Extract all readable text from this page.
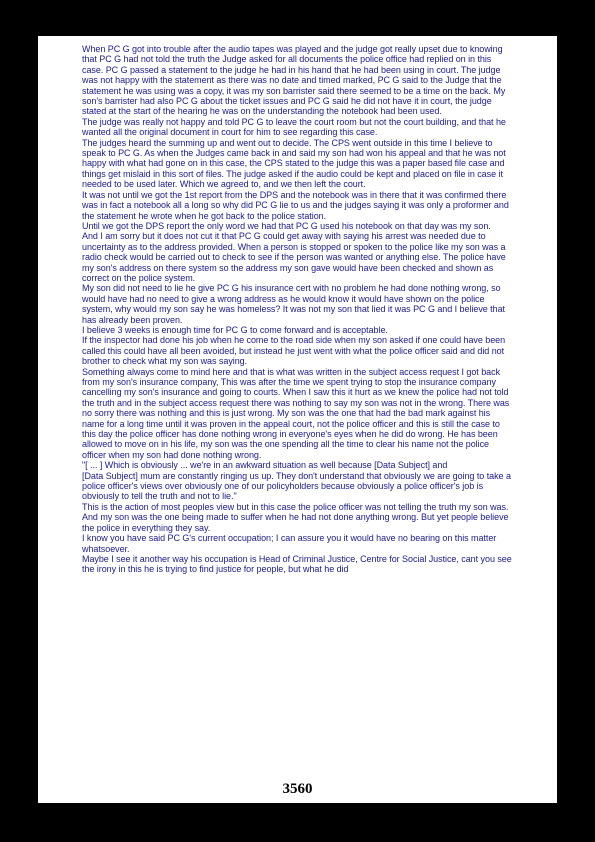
When PC G got into trouble after the audio tapes was played and the judge got really upset due to knowing that PC G had not told the truth the Judge asked for all documents the police office had replied on in this case. PC G passed a statement to the judge he had in his hand that he had been using in court. The judge was not happy with the statement as there was no date and timed marked, PC G said to the Judge that the statement he was using was a copy, it was my son barrister said there seemed to be a time on the back. My son's barrister had also PC G about the ticket issues and PC G said he did not have it in court, the judge stated at the start of the hearing he was on the understanding the notebook had been used.

The judge was really not happy and told PC G to leave the court room but not the court building, and that he wanted all the original document in court for him to see regarding this case.

The judges heard the summing up and went out to decide. The CPS went outside in this time I believe to speak to PC G. As when the Judges came back in and said my son had won his appeal and that he was not happy with what had gone on in this case, the CPS stated to the judge this was a paper based file case and things get mislaid in this sort of files. The judge asked if the audio could be kept and placed on file in case it needed to be used later. Which we agreed to, and we then left the court.

It was not until we got the 1st report from the DPS and the notebook was in there that it was confirmed there was in fact a notebook all a long so why did PC G lie to us and the judges saying it was only a proformer and the statement he wrote when he got back to the police station.

Until we got the DPS report the only word we had that PC G used his notebook on that day was my son.

And I am sorry but it does not cut it that PC G could get away with saying his arrest was needed due to uncertainty as to the address provided. When a person is stopped or spoken to the police like my son was a radio check would be carried out to check to see if the person was wanted or anything else. The police have my son's address on there system so the address my son gave would have been checked and shown as correct on the police system.

My son did not need to lie he give PC G his insurance cert with no problem he had done nothing wrong, so would have had no need to give a wrong address as he would know it would have shown on the police system, why would my son say he was homeless? It was not my son that lied it was PC G and I believe that has already been proven.

I believe 3 weeks is enough time for PC G to come forward and is acceptable.

If the inspector had done his job when he come to the road side when my son asked if one could have been called this could have all been avoided, but instead he just went with what the police officer said and did not brother to check what my son was saying.

Something always come to mind here and that is what was written in the subject access request I got back from my son's insurance company, This was after the time we spent trying to stop the insurance company cancelling my son's insurance and going to courts. When I saw this it hurt as we knew the police had not told the truth and in the subject access request there was nothing to say my son was not in the wrong. There was no sorry there was nothing and this is just wrong. My son was the one that had the bad mark against his name for a long time until it was proven in the appeal court, not the police officer and this is still the case to this day the police officer has done nothing wrong in everyone's eyes when he did do wrong. He has been allowed to move on in his life, my son was the one spending all the time to clear his name not the police officer when my son had done nothing wrong.

"[ ... ] Which is obviously ... we're in an awkward situation as well because [Data Subject] and

[Data Subject] mum are constantly ringing us up. They don't understand that obviously we are going to take a police officer's views over obviously one of our policyholders because obviously a police officer's job is obviously to tell the truth and not to lie."

This is the action of most peoples view but in this case the police officer was not telling the truth my son was. And my son was the one being made to suffer when he had not done anything wrong. But yet people believe the police in everything they say.

I know you have said PC G's current occupation; I can assure you it would have no bearing on this matter whatsoever.

Maybe I see it another way his occupation is Head of Criminal Justice, Centre for Social Justice, cant you see the irony in this he is trying to find justice for people, but what he did

3560
